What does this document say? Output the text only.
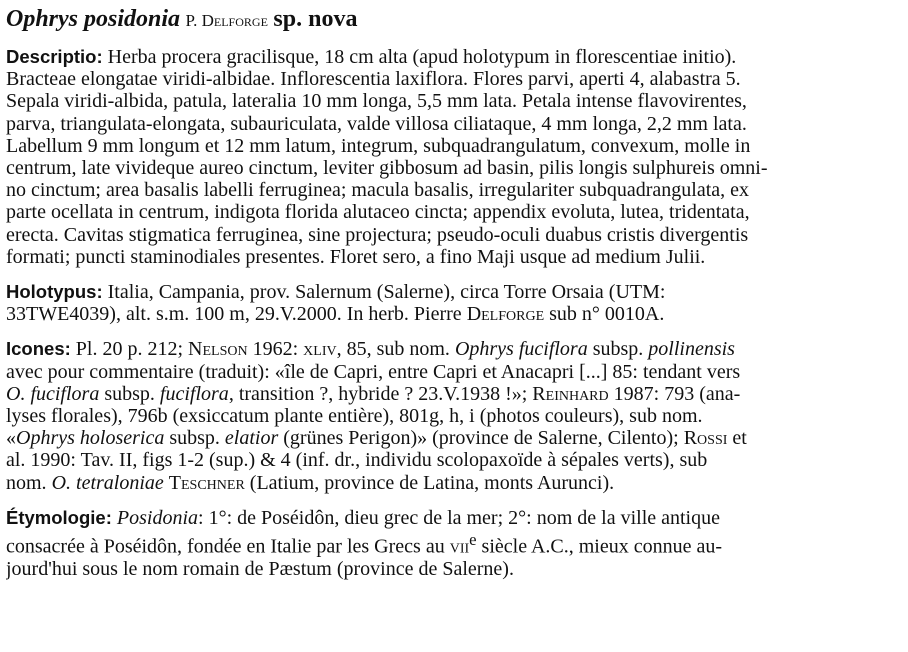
Ophrys posidonia P. Delforge sp. nova
Descriptio: Herba procera gracilisque, 18 cm alta (apud holotypum in florescentiae initio).
Bracteae elongatae viridi-albidae. Inflorescentia laxiflora. Flores parvi, aperti 4, alabastra 5.
Sepala viridi-albida, patula, lateralia 10 mm longa, 5,5 mm lata. Petala intense flavovirentes,
parva, triangulata-elongata, subauriculata, valde villosa ciliataque, 4 mm longa, 2,2 mm lata.
Labellum 9 mm longum et 12 mm latum, integrum, subquadrangulatum, convexum, molle in
centrum, late vivideque aureo cinctum, leviter gibbosum ad basin, pilis longis sulphureis omni-
no cinctum; area basalis labelli ferruginea; macula basalis, irregulariter subquadrangulata, ex
parte ocellata in centrum, indigota florida alutaceo cincta; appendix evoluta, lutea, tridentata,
erecta. Cavitas stigmatica ferruginea, sine projectura; pseudo-oculi duabus cristis divergentis
formati; puncti staminodiales presentes. Floret sero, a fino Maji usque ad medium Julii.
Holotypus: Italia, Campania, prov. Salernum (Salerne), circa Torre Orsaia (UTM:
33TWE4039), alt. s.m. 100 m, 29.V.2000. In herb. Pierre Delforge sub n° 0010A.
Icones: Pl. 20 p. 212; Nelson 1962: xliv, 85, sub nom. Ophrys fuciflora subsp. pollinensis
avec pour commentaire (traduit): «île de Capri, entre Capri et Anacapri [...] 85: tendant vers
O. fuciflora subsp. fuciflora, transition ?, hybride ? 23.V.1938 !»; Reinhard 1987: 793 (ana-
lyses florales), 796b (exsiccatum plante entière), 801g, h, i (photos couleurs), sub nom.
«Ophrys holoserica subsp. elatior (grünes Perigon)» (province de Salerne, Cilento); Rossi et
al. 1990: Tav. II, figs 1-2 (sup.) & 4 (inf. dr., individu scolopaxoïde à sépales verts), sub
nom. O. tetraloniae Teschner (Latium, province de Latina, monts Aurunci).
Étymologie: Posidonia: 1°: de Poséidôn, dieu grec de la mer; 2°: nom de la ville antique
consacrée à Poséidôn, fondée en Italie par les Grecs au vii$^e$ siècle A.C., mieux connue au-
jourd'hui sous le nom romain de Pæstum (province de Salerne).
